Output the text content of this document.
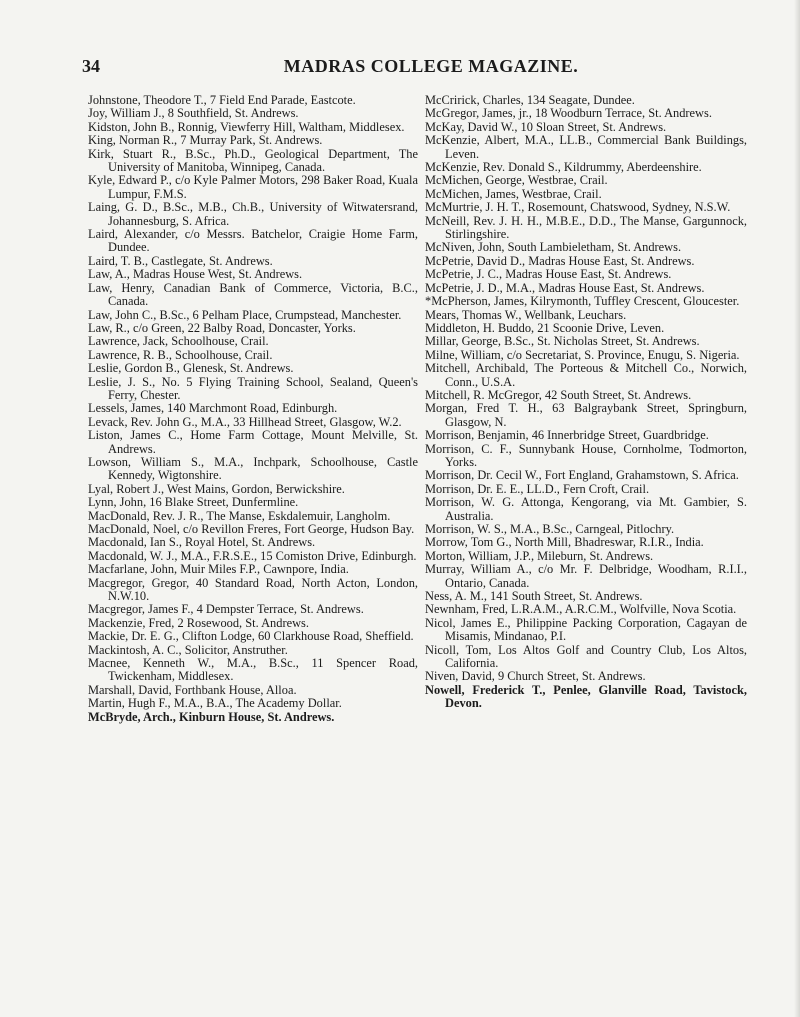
34	MADRAS COLLEGE MAGAZINE.

Johnstone, Theodore T., 7 Field End Parade, Eastcote.

Joy, William J., 8 Southfield, St. Andrews.

Kidston, John B., Ronnig, Viewferry Hill, Waltham, Middlesex.

King, Norman R., 7 Murray Park, St. Andrews.

Kirk, Stuart R., B.Sc., Ph.D., Geological Department, The University of Manitoba, Winnipeg, Canada.

Kyle, Edward P., c/o Kyle Palmer Motors, 298 Baker Road, Kuala Lumpur, F.M.S.

Laing, G. D., B.Sc., M.B., Ch.B., University of Witwatersrand, Johannesburg, S. Africa.

Laird, Alexander, c/o Messrs. Batchelor, Craigie Home Farm, Dundee.

Laird, T. B., Castlegate, St. Andrews.

Law, A., Madras House West, St. Andrews.

Law, Henry, Canadian Bank of Commerce, Victoria, B.C., Canada.

Law, John C., B.Sc., 6 Pelham Place, Crumpstead, Manchester.

Law, R., c/o Green, 22 Balby Road, Doncaster, Yorks.

Lawrence, Jack, Schoolhouse, Crail.

Lawrence, R. B., Schoolhouse, Crail.

Leslie, Gordon B., Glenesk, St. Andrews.

Leslie, J. S., No. 5 Flying Training School, Sealand, Queen's Ferry, Chester.

Lessels, James, 140 Marchmont Road, Edinburgh.

Levack, Rev. John G., M.A., 33 Hillhead Street, Glasgow, W.2.

Liston, James C., Home Farm Cottage, Mount Melville, St. Andrews.

Lowson, William S., M.A., Inchpark, Schoolhouse, Castle Kennedy, Wigtonshire.

Lyal, Robert J., West Mains, Gordon, Berwickshire.

Lynn, John, 16 Blake Street, Dunfermline.

MacDonald, Rev. J. R., The Manse, Eskdalemuir, Langholm.

MacDonald, Noel, c/o Revillon Freres, Fort George, Hudson Bay.

Macdonald, Ian S., Royal Hotel, St. Andrews.

Macdonald, W. J., M.A., F.R.S.E., 15 Comiston Drive, Edinburgh.

Macfarlane, John, Muir Miles F.P., Cawnpore, India.

Macgregor, Gregor, 40 Standard Road, North Acton, London, N.W.10.

Macgregor, James F., 4 Dempster Terrace, St. Andrews.

Mackenzie, Fred, 2 Rosewood, St. Andrews.

Mackie, Dr. E. G., Clifton Lodge, 60 Clarkhouse Road, Sheffield.

Mackintosh, A. C., Solicitor, Anstruther.

Macnee, Kenneth W., M.A., B.Sc., 11 Spencer Road, Twickenham, Middlesex.

Marshall, David, Forthbank House, Alloa.

Martin, Hugh F., M.A., B.A., The Academy Dollar.

McBryde, Arch., Kinburn House, St. Andrews.

McCririck, Charles, 134 Seagate, Dundee.

McGregor, James, jr., 18 Woodburn Terrace, St. Andrews.

McKay, David W., 10 Sloan Street, St. Andrews.

McKenzie, Albert, M.A., LL.B., Commercial Bank Buildings, Leven.

McKenzie, Rev. Donald S., Kildrummy, Aberdeenshire.

McMichen, George, Westbrae, Crail.

McMichen, James, Westbrae, Crail.

McMurtrie, J. H. T., Rosemount, Chatswood, Sydney, N.S.W.

McNeill, Rev. J. H. H., M.B.E., D.D., The Manse, Gargunnock, Stirlingshire.

McNiven, John, South Lambieletham, St. Andrews.

McPetrie, David D., Madras House East, St. Andrews.

McPetrie, J. C., Madras House East, St. Andrews.

McPetrie, J. D., M.A., Madras House East, St. Andrews.

*McPherson, James, Kilrymonth, Tuffley Crescent, Gloucester.

Mears, Thomas W., Wellbank, Leuchars.

Middleton, H. Buddo, 21 Scoonie Drive, Leven.

Millar, George, B.Sc., St. Nicholas Street, St. Andrews.

Milne, William, c/o Secretariat, S. Province, Enugu, S. Nigeria.

Mitchell, Archibald, The Porteous & Mitchell Co., Norwich, Conn., U.S.A.

Mitchell, R. McGregor, 42 South Street, St. Andrews.

Morgan, Fred T. H., 63 Balgraybank Street, Springburn, Glasgow, N.

Morrison, Benjamin, 46 Innerbridge Street, Guardbridge.

Morrison, C. F., Sunnybank House, Cornholme, Todmorton, Yorks.

Morrison, Dr. Cecil W., Fort England, Grahamstown, S. Africa.

Morrison, Dr. E. E., LL.D., Fern Croft, Crail.

Morrison, W. G. Attonga, Kengorang, via Mt. Gambier, S. Australia.

Morrison, W. S., M.A., B.Sc., Carngeal, Pitlochry.

Morrow, Tom G., North Mill, Bhadreswar, R.I.R., India.

Morton, William, J.P., Mileburn, St. Andrews.

Murray, William A., c/o Mr. F. Delbridge, Woodham, R.I.I., Ontario, Canada.

Ness, A. M., 141 South Street, St. Andrews.

Newnham, Fred, L.R.A.M., A.R.C.M., Wolfville, Nova Scotia.

Nicol, James E., Philippine Packing Corporation, Cagayan de Misamis, Mindanao, P.I.

Nicoll, Tom, Los Altos Golf and Country Club, Los Altos, California.

Niven, David, 9 Church Street, St. Andrews.

Nowell, Frederick T., Penlee, Glanville Road, Tavistock, Devon.
